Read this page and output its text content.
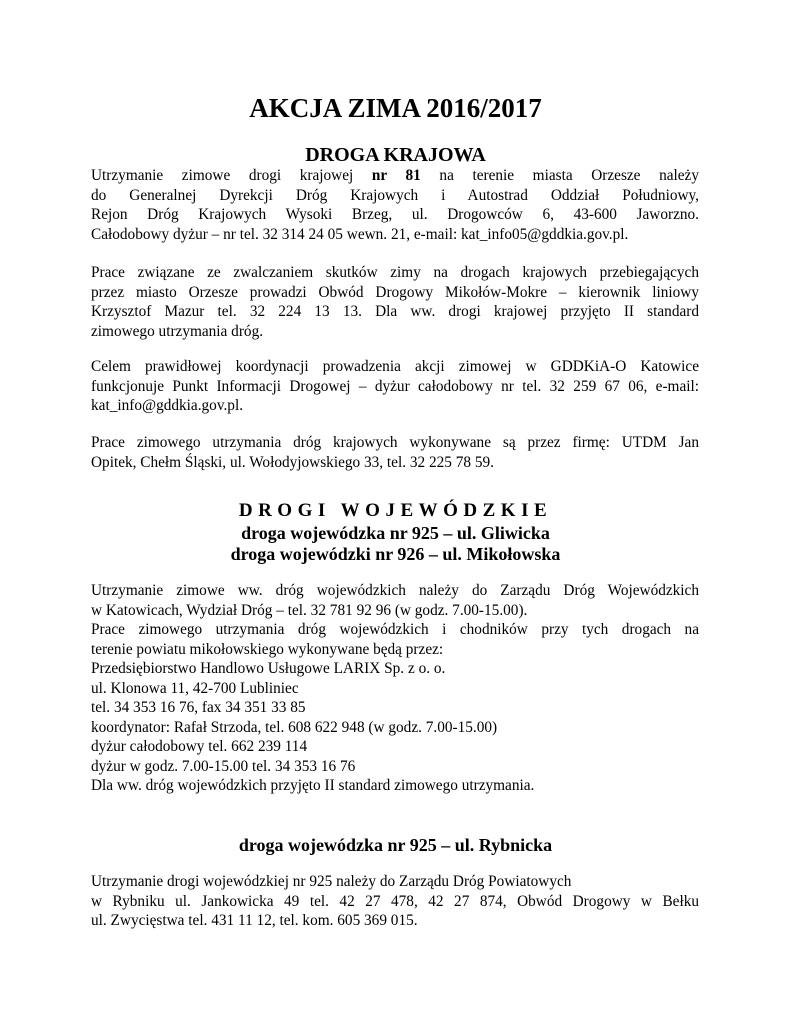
AKCJA ZIMA 2016/2017
DROGA KRAJOWA
Utrzymanie zimowe drogi krajowej nr 81 na terenie miasta Orzesze należy
do Generalnej Dyrekcji Dróg Krajowych i Autostrad Oddział Południowy,
Rejon Dróg Krajowych Wysoki Brzeg, ul. Drogowców 6, 43-600 Jaworzno.
Całodobowy dyżur – nr tel. 32 314 24 05 wewn. 21, e-mail: kat_info05@gddkia.gov.pl.
Prace związane ze zwalczaniem skutków zimy na drogach krajowych przebiegających
przez miasto Orzesze prowadzi Obwód Drogowy Mikołów-Mokre – kierownik liniowy
Krzysztof Mazur tel. 32 224 13 13. Dla ww. drogi krajowej przyjęto II standard
zimowego utrzymania dróg.
Celem prawidłowej koordynacji prowadzenia akcji zimowej w GDDKiA-O Katowice
funkcjonuje Punkt Informacji Drogowej – dyżur całodobowy nr tel. 32 259 67 06, e-mail:
kat_info@gddkia.gov.pl.
Prace zimowego utrzymania dróg krajowych wykonywane są przez firmę: UTDM Jan
Opitek, Chełm Śląski, ul. Wołodyjowskiego 33, tel. 32 225 78 59.
DROGI WOJEWÓDZKIE
droga wojewódzka nr 925 – ul. Gliwicka
droga wojewódzki nr 926 – ul. Mikołowska
Utrzymanie zimowe ww. dróg wojewódzkich należy do Zarządu Dróg Wojewódzkich
w Katowicach, Wydział Dróg – tel. 32 781 92 96 (w godz. 7.00-15.00).
Prace zimowego utrzymania dróg wojewódzkich i chodników przy tych drogach na
terenie powiatu mikołowskiego wykonywane będą przez:
Przedsiębiorstwo Handlowo Usługowe LARIX Sp. z o. o.
ul. Klonowa 11, 42-700 Lubliniec
tel. 34 353 16 76, fax 34 351 33 85
koordynator: Rafał Strzoda, tel. 608 622 948 (w godz. 7.00-15.00)
dyżur całodobowy tel. 662 239 114
dyżur w godz. 7.00-15.00 tel. 34 353 16 76
Dla ww. dróg wojewódzkich przyjęto II standard zimowego utrzymania.
droga wojewódzka nr 925 – ul. Rybnicka
Utrzymanie drogi wojewódzkiej nr 925 należy do Zarządu Dróg Powiatowych
w Rybniku ul. Jankowicka 49 tel. 42 27 478, 42 27 874, Obwód Drogowy w Bełku
ul. Zwycięstwa tel. 431 11 12, tel. kom. 605 369 015.
